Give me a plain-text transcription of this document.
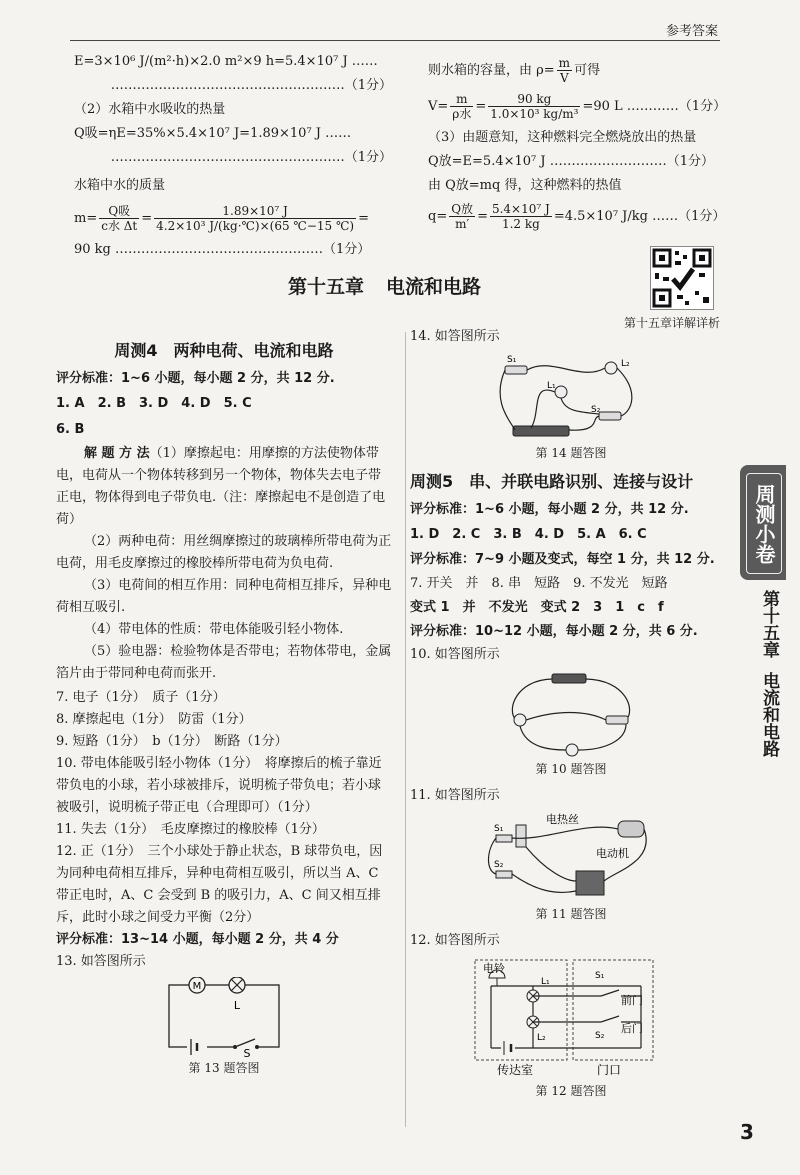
参考答案
E=3×10⁶ J/(m²·h)×2.0 m²×9 h=5.4×10⁷ J ……
………………………………………………（1分）
（2）水箱中水吸收的热量
Q吸=ηE=35%×5.4×10⁷ J=1.89×10⁷ J ……
………………………………………………（1分）
水箱中水的质量
$m= \frac{\text{Q吸}}{\text{c水 Δt}} = \frac{\text{1.89×10⁷ J}}{\text{4.2×10³ J/(kg·℃)×(65 ℃−15 ℃)}}$ =
90 kg …………………………………………（1分）
则水箱的容量，由 $\rho= \frac{m}{V}$ 可得
$V= \frac{m}{\text{ρ水}} = \frac{90 kg}{\text{1.0×10³ kg/m³}} =90$ L …………（1分）
（3）由题意知，这种燃料完全燃烧放出的热量
Q放=E=5.4×10⁷ J ………………………（1分）
由 Q放=mq 得，这种燃料的热值
$q= \frac{\text{Q放}}{m'} = \frac{\text{5.4×10⁷ J}}{1.2 kg} =4.5\times 10^7$ J/kg ……（1分）
第十五章 电流和电路
第十五章详解详析
周测4　两种电荷、电流和电路
评分标准：1~6 小题，每小题 2 分，共 12 分.
1. A　2. B　3. D　4. D　5. C
6. B

解 题 方 法（1）摩擦起电：用摩擦的方法使物体带电，电荷从一个物体转移到另一个物体，物体失去电子带正电，物体得到电子带负电.（注：摩擦起电不是创造了电荷）

（2）两种电荷：用丝绸摩擦过的玻璃棒所带电荷为正电荷，用毛皮摩擦过的橡胶棒所带电荷为负电荷.

（3）电荷间的相互作用：同种电荷相互排斥，异种电荷相互吸引.

（4）带电体的性质：带电体能吸引轻小物体.

（5）验电器：检验物体是否带电；若物体带电，金属箔片由于带同种电荷而张开.

7. 电子（1分）　质子（1分）

8. 摩擦起电（1分）　防雷（1分）

9. 短路（1分）　b（1分）　断路（1分）

10. 带电体能吸引轻小物体（1分）　将摩擦后的梳子靠近带负电的小球，若小球被排斥，说明梳子带负电；若小球被吸引，说明梳子带正电（合理即可）（1分）

11. 失去（1分）　毛皮摩擦过的橡胶棒（1分）

12. 正（1分）　三个小球处于静止状态，B 球带负电，因为同种电荷相互排斥，异种电荷相互吸引，所以当 A、C 带正电时，A、C 会受到 B 的吸引力，A、C 间又相互排斥，此时小球之间受力平衡（2分）

评分标准：13~14 小题，每小题 2 分，共 4 分

13. 如答图所示

M
L
S
第 13 题答图

14. 如答图所示

S₁	L₂
L₁
S₂
第 14 题答图
周测5　串、并联电路识别、连接与设计
评分标准：1~6 小题，每小题 2 分，共 12 分.
1. D　2. C　3. B　4. D　5. A　6. C
评分标准：7~9 小题及变式，每空 1 分，共 12 分.
7. 开关　并　8. 串　短路　9. 不发光　短路
变式 1　并　不发光　变式 2　3　1　c　f
评分标准：10~12 小题，每小题 2 分，共 6 分.

10. 如答图所示

第 10 题答图

11. 如答图所示

电热丝
电动机
S₁
S₂
第 11 题答图

12. 如答图所示

电铃
L₁
L₂
S₁
前门
S₂
后门
传达室	门口
第 12 题答图
周测小卷
第十五章电流和电路
3
